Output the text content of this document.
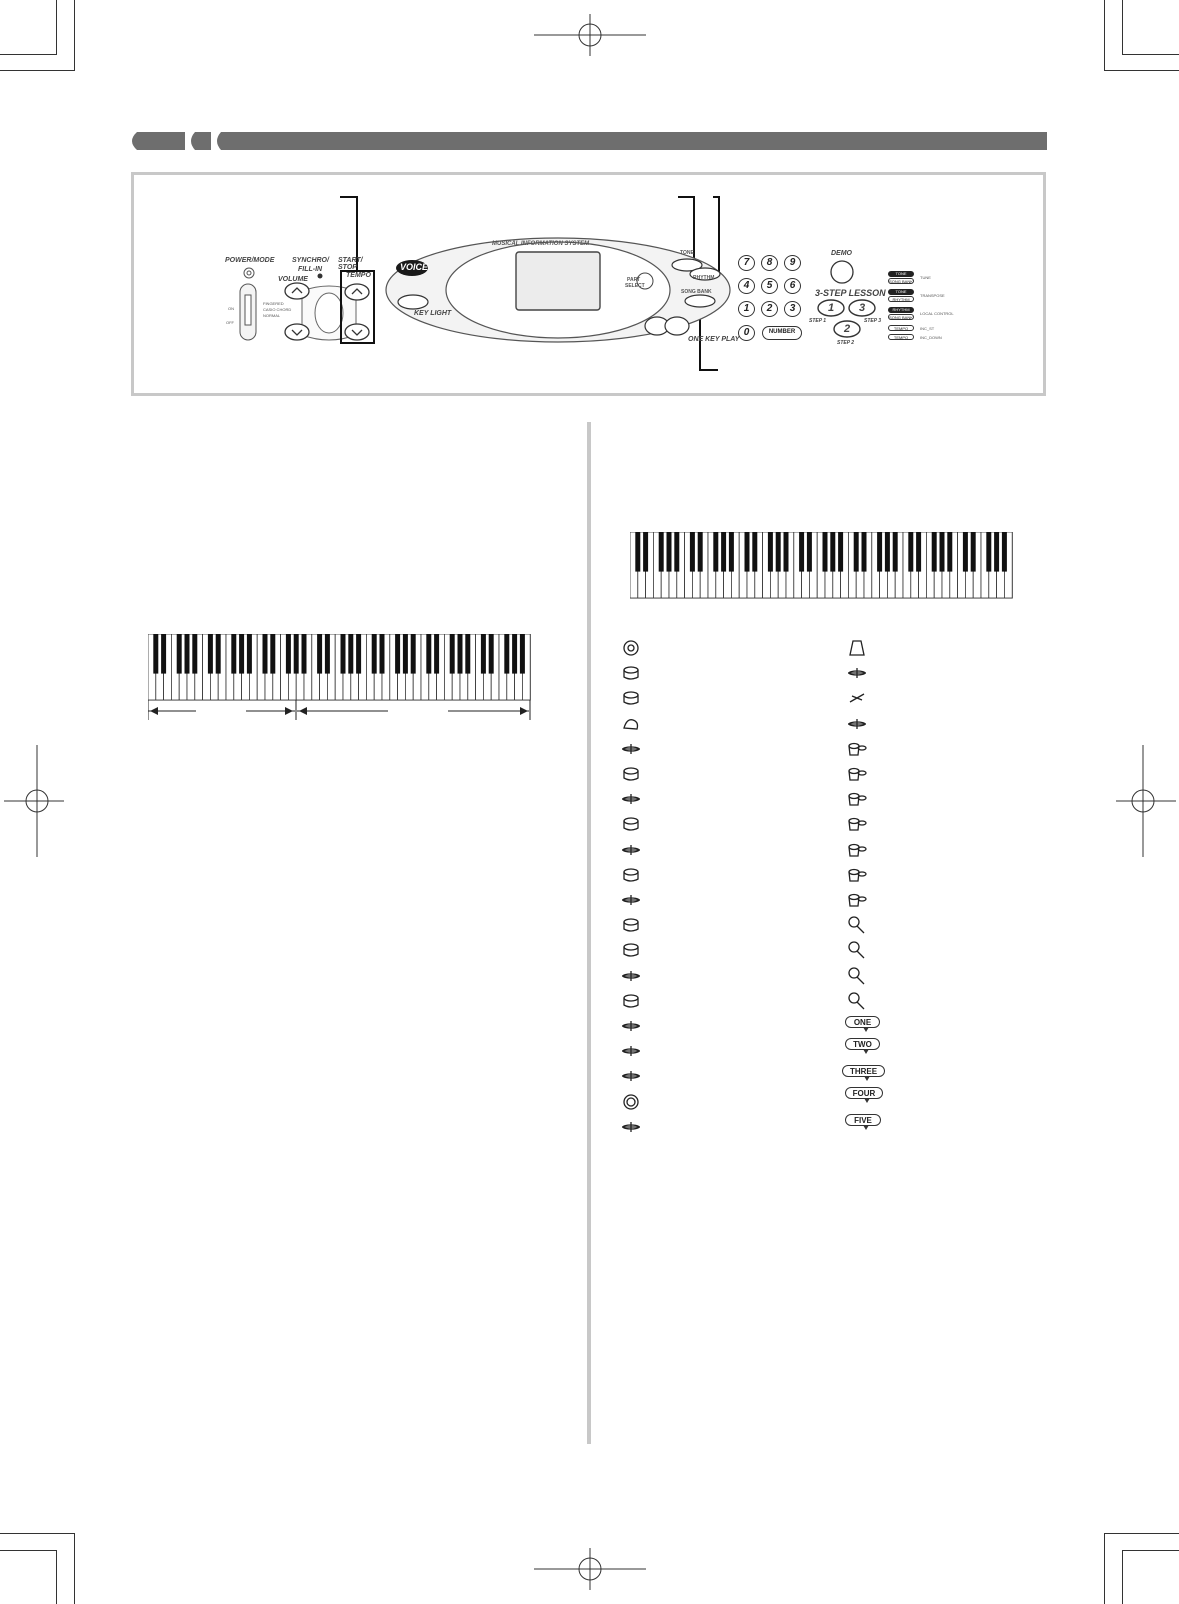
POWER/MODE
ON
OFF
FINGERED
CASIO CHORD
NORMAL
SYNCHRO/
FILL-IN
VOLUME
START/
STOP
TEMPO
MUSICAL INFORMATION SYSTEM
VOICE
KEY LIGHT
PART
SELECT
TONE
RHYTHM
SONG BANK
ONE KEY PLAY
7	8	9
4	5	6
1	2	3
0	NUMBER
DEMO
3-STEP LESSON
1 3
2
STEP 1	STEP 3
STEP 2
TONE
SONG BANK
TUNE
TONE
RHYTHM
TRANSPOSE
RHYTHM
SONG BANK
LOCAL CONTROL
TEMPO	INC_ST
TEMPO	INC_DOWN
ONE
TWO
THREE
FOUR
FIVE
